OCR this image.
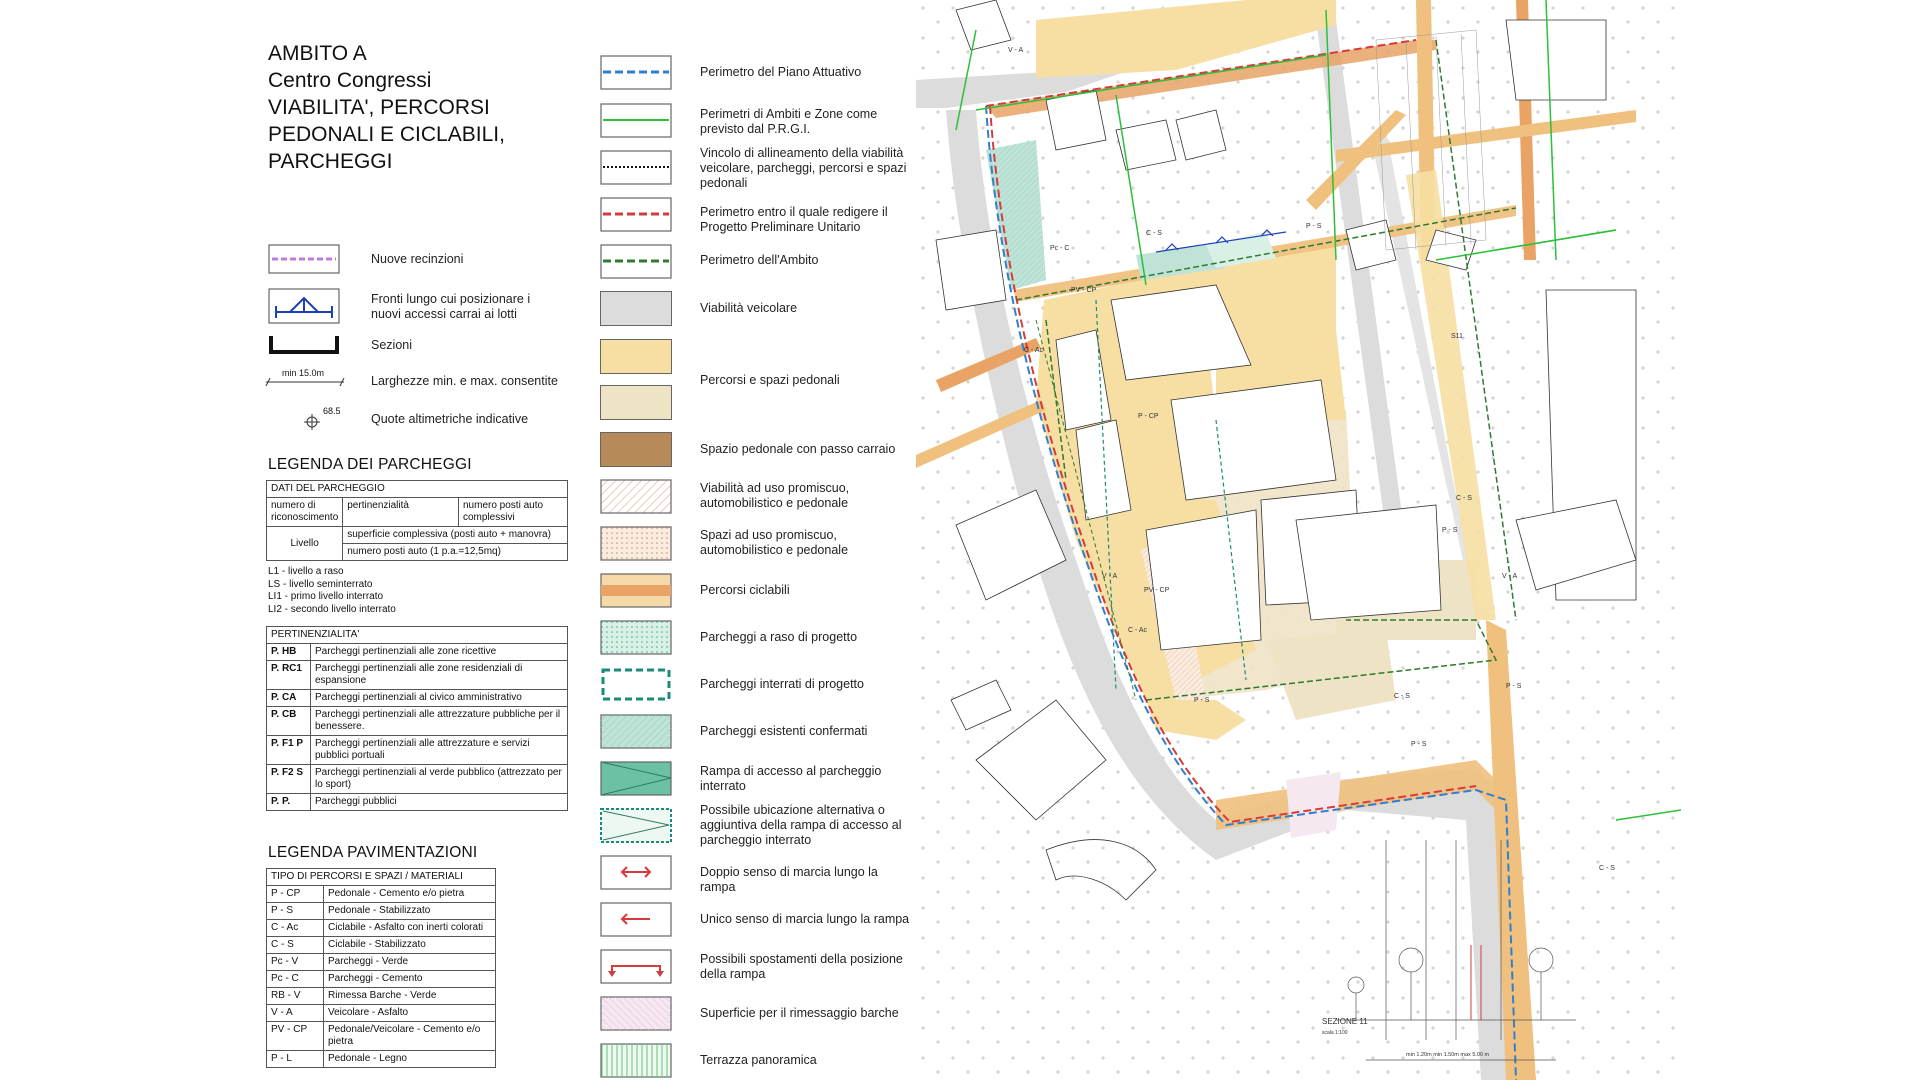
AMBITO A
Centro Congressi
VIABILITA', PERCORSI
PEDONALI E CICLABILI,
PARCHEGGI
Nuove recinzioni
Fronti lungo cui posizionare i nuovi accessi carrai ai lotti
Sezioni
min 15.0m
Larghezze min. e max. consentite
68.5
Quote altimetriche indicative
LEGENDA DEI PARCHEGGI
DATI DEL PARCHEGGIO		
numero di riconoscimento	pertinenzialità	numero posti auto complessivi
Livello	superficie complessiva (posti auto + manovra)	
	numero posti auto (1 p.a.=12,5mq)	
L1 - livello a raso
LS - livello seminterrato
LI1 - primo livello interrato
LI2 - secondo livello interrato
PERTINENZIALITA'	
P. HB	Parcheggi pertinenziali alle zone ricettive
P. RC1	Parcheggi pertinenziali alle zone residenziali di espansione
P. CA	Parcheggi pertinenziali al civico amministrativo
P. CB	Parcheggi pertinenziali alle attrezzature pubbliche per il benessere.
P. F1 P	Parcheggi pertinenziali alle attrezzature e servizi pubblici portuali
P. F2 S	Parcheggi pertinenziali al verde pubblico (attrezzato per lo sport)
P. P.	Parcheggi pubblici
LEGENDA PAVIMENTAZIONI
TIPO DI PERCORSI E SPAZI / MATERIALI	
P - CP	Pedonale - Cemento e/o pietra
P - S	Pedonale - Stabilizzato
C - Ac	Ciclabile - Asfalto con inerti colorati
C - S	Ciclabile - Stabilizzato
Pc - V	Parcheggi - Verde
Pc - C	Parcheggi - Cemento
RB - V	Rimessa Barche - Verde
V - A	Veicolare - Asfalto
PV - CP	Pedonale/Veicolare - Cemento e/o pietra
P - L	Pedonale - Legno
Perimetro del Piano Attuativo
Perimetri di Ambiti e Zone come previsto dal P.R.G.I.
Vincolo di allineamento della viabilità veicolare, parcheggi, percorsi e spazi pedonali
Perimetro entro il quale redigere il Progetto Preliminare Unitario
Perimetro dell'Ambito
Viabilità veicolare
Percorsi e spazi pedonali
Spazio pedonale con passo carraio
Viabilità ad uso promiscuo, automobilistico e pedonale
Spazi ad uso promiscuo, automobilistico e pedonale
Percorsi ciclabili
Parcheggi a raso di progetto
Parcheggi interrati di progetto
Parcheggi esistenti confermati
Rampa di accesso al parcheggio interrato
Possibile ubicazione alternativa o aggiuntiva della rampa di accesso al parcheggio interrato
Doppio senso di marcia lungo la rampa
Unico senso di marcia lungo la rampa
Possibili spostamenti della posizione della rampa
Superficie per il rimessaggio barche
Terrazza panoramica
V - A
C - S
P - S
Pc - C
PV - CP
C - Ac
P - CP
S11
V - A
PV - CP
C - Ac
P - S
C - S
P - S
C - S
P - S
V - A
C - S
P - S
SEZIONE 11
scala 1:100
min 1.20m min 1.50m max 5.00 m
